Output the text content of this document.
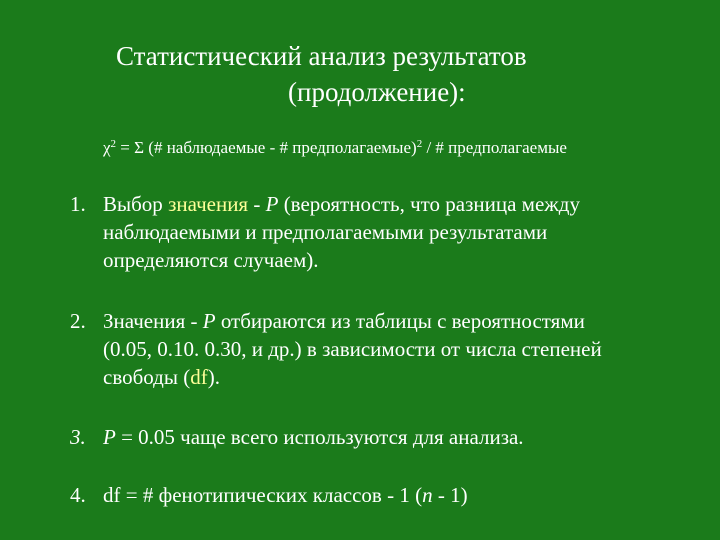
Статистический анализ результатов
(продолжение):
$\chi^2 = \Sigma$ (# наблюдаемые - # предполагаемые)$^2$ / # предполагаемые
1. Выбор значения - P (вероятность, что разница между
наблюдаемыми и предполагаемыми результатами
определяются случаем).
2. Значения - P отбираются из таблицы с вероятностями
(0.05, 0.10. 0.30, и др.) в зависимости от числа степеней
свободы (df).
3. P = 0.05 чаще всего используются для анализа.
4. df = # фенотипических классов - 1 (n - 1)
